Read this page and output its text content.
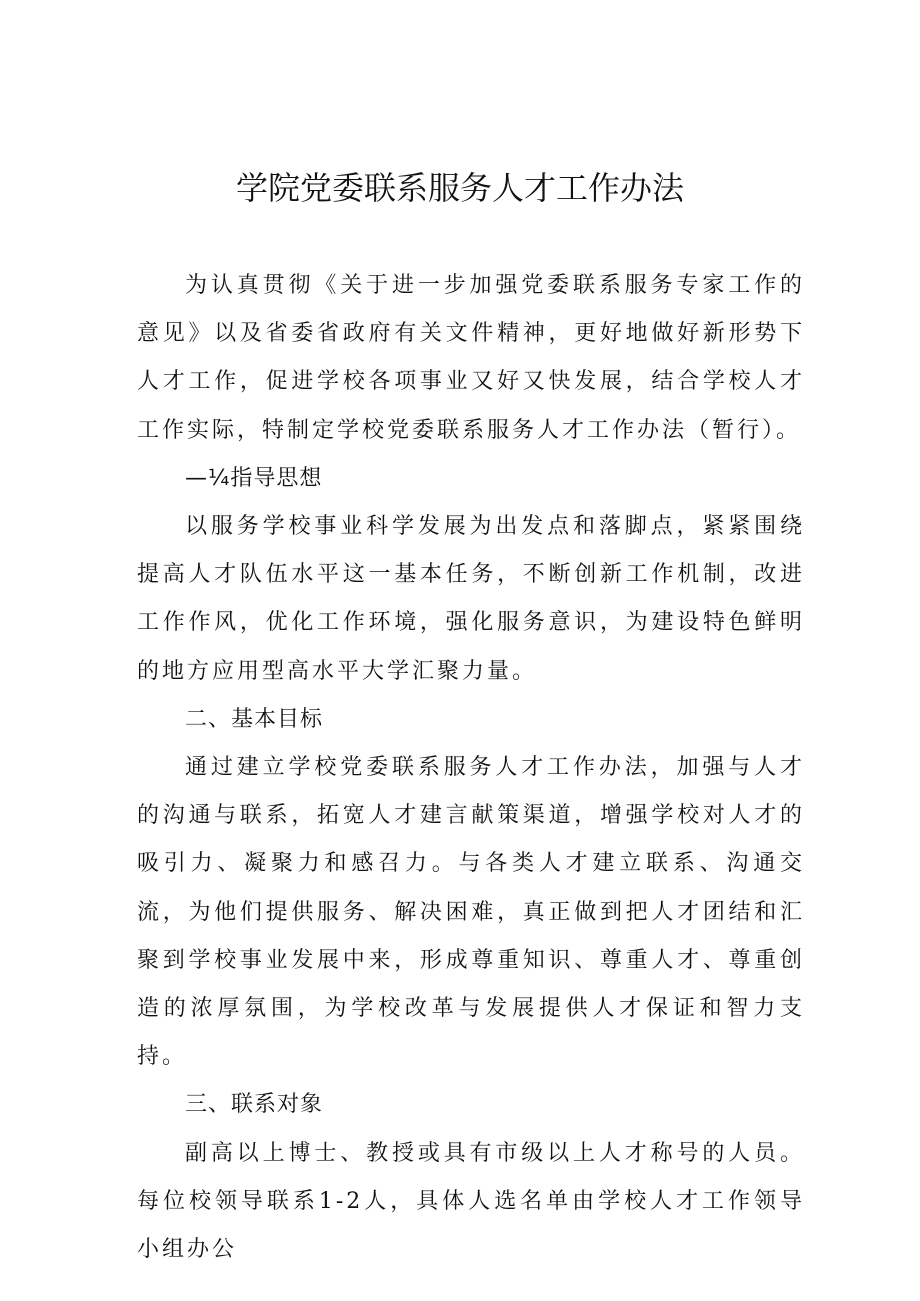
学院党委联系服务人才工作办法

为认真贯彻《关于进一步加强党委联系服务专家工作的意见》以及省委省政府有关文件精神，更好地做好新形势下人才工作，促进学校各项事业又好又快发展，结合学校人才工作实际，特制定学校党委联系服务人才工作办法（暂行）。

—¼指导思想

以服务学校事业科学发展为出发点和落脚点，紧紧围绕提高人才队伍水平这一基本任务，不断创新工作机制，改进工作作风，优化工作环境，强化服务意识，为建设特色鲜明的地方应用型高水平大学汇聚力量。

二、基本目标

通过建立学校党委联系服务人才工作办法，加强与人才的沟通与联系，拓宽人才建言献策渠道，增强学校对人才的吸引力、凝聚力和感召力。与各类人才建立联系、沟通交流，为他们提供服务、解决困难，真正做到把人才团结和汇聚到学校事业发展中来，形成尊重知识、尊重人才、尊重创造的浓厚氛围，为学校改革与发展提供人才保证和智力支持。

三、联系对象

副高以上博士、教授或具有市级以上人才称号的人员。每位校领导联系1-2人，具体人选名单由学校人才工作领导小组办公
